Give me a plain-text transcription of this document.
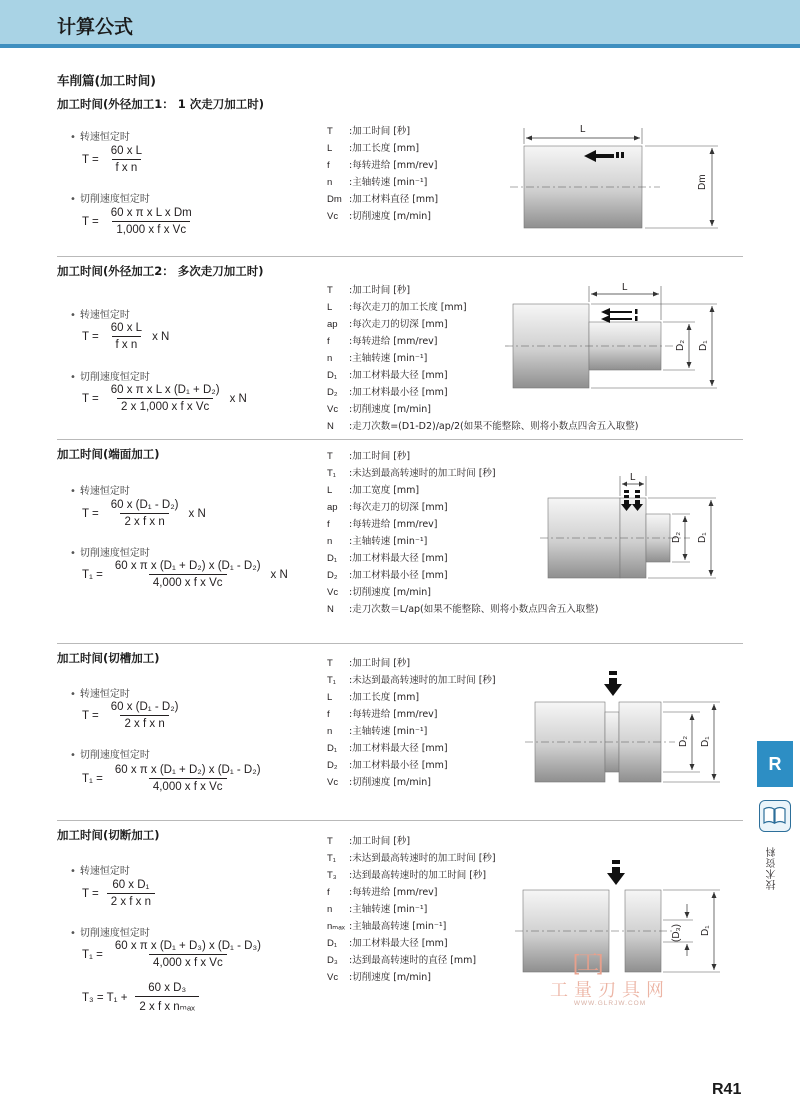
计算公式
车削篇(加工时间)
加工时间(外径加工1： 1 次走刀加工时)
• 转速恒定时
$T = \frac{\text{60 x L}}{\text{f x n}}$
• 切削速度恒定时
$T = \frac{\text{60 x π x L x Dm}}{\text{1,000 x f x Vc}}$
T	:加工时间 [秒]
L	:加工长度 [mm]
f	:每转进给 [mm/rev]
n	:主轴转速 [min⁻¹]
Dm :加工材料直径 [mm]
Vc	:切削速度 [m/min]
L
Dm
加工时间(外径加工2： 多次走刀加工时)
• 转速恒定时
$T = \frac{\text{60 x L}}{\text{f x n}}$ x N
• 切削速度恒定时
$T = \frac{\text{60 x π x L x (D₁ + D₂)}}{\text{2 x 1,000 x f x Vc}}$ x N
T	:加工时间 [秒]
L	:每次走刀的加工长度 [mm]
ap	:每次走刀的切深 [mm]
f	:每转进给 [mm/rev]
n	:主轴转速 [min⁻¹]
D₁	:加工材料最大径 [mm]
D₂	:加工材料最小径 [mm]
Vc	:切削速度 [m/min]
N	:走刀次数=(D1-D2)/ap/2(如果不能整除、则将小数点四舍五入取整)
L
D₂ D₁
加工时间(端面加工)
• 转速恒定时
$T = \frac{\text{60 x (D₁ - D₂)}}{\text{2 x f x n}}$ x N
• 切削速度恒定时
$T_1 = \frac{\text{60 x π x (D₁ + D₂) x (D₁ - D₂)}}{\text{4,000 x f x Vc}}$ x N
T	:加工时间 [秒]
T₁	:未达到最高转速时的加工时间 [秒]
L	:加工宽度 [mm]
ap	:每次走刀的切深 [mm]
f	:每转进给 [mm/rev]
n	:主轴转速 [min⁻¹]
D₁	:加工材料最大径 [mm]
D₂	:加工材料最小径 [mm]
Vc	:切削速度 [m/min]
N	:走刀次数＝L/ap(如果不能整除、则将小数点四舍五入取整)
L
D₂ D₁
加工时间(切槽加工)
• 转速恒定时
$T = \frac{\text{60 x (D₁ - D₂)}}{\text{2 x f x n}}$
• 切削速度恒定时
$T_1 = \frac{\text{60 x π x (D₁ + D₂) x (D₁ - D₂)}}{\text{4,000 x f x Vc}}$
T	:加工时间 [秒]
T₁	:未达到最高转速时的加工时间 [秒]
L	:加工长度 [mm]
f	:每转进给 [mm/rev]
n	:主轴转速 [min⁻¹]
D₁	:加工材料最大径 [mm]
D₂	:加工材料最小径 [mm]
Vc	:切削速度 [m/min]
D₂ D₁
加工时间(切断加工)
• 转速恒定时
$T = \frac{\text{60 x D₁}}{\text{2 x f x n}}$
• 切削速度恒定时
$T_1 = \frac{\text{60 x π x (D₁ + D₃) x (D₁ - D₃)}}{\text{4,000 x f x Vc}}$
$T_3 = T_1 + \frac{\text{60 x D₃}}{\text{2 x f x nₘₐₓ}}$
T	:加工时间 [秒]
T₁	:未达到最高转速时的加工时间 [秒]
T₃	:达到最高转速时的加工时间 [秒]
f	:每转进给 [mm/rev]
n	:主轴转速 [min⁻¹]
nₘₐₓ :主轴最高转速 [min⁻¹]
D₁	:加工材料最大径 [mm]
D₃	:达到最高转速时的直径 [mm]
Vc	:切削速度 [m/min]
(D₃) D₁
R
技术资料
[工]
工量刃具网
WWW.GLRJW.COM
R41
